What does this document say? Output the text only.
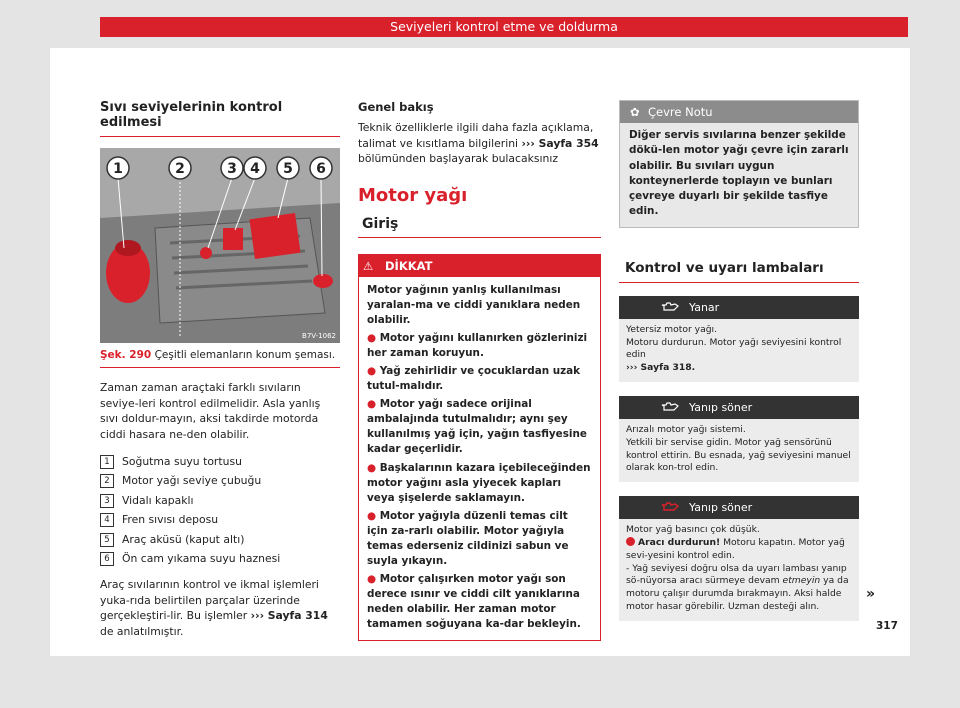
Seviyeleri kontrol etme ve doldurma
Sıvı seviyelerinin kontrol edilmesi
1	2	3 4 5 6
B7V-1062
Şek. 290 Çeşitli elemanların konum şeması.

Zaman zaman araçtaki farklı sıvıların seviye-leri kontrol edilmelidir. Asla yanlış sıvı doldur-mayın, aksi takdirde motorda ciddi hasara ne-den olabilir.

1	Soğutma suyu tortusu
2	Motor yağı seviye çubuğu
3	Vidalı kapaklı
4	Fren sıvısı deposu
5	Araç aküsü (kaput altı)
6	Ön cam yıkama suyu haznesi

Araç sıvılarının kontrol ve ikmal işlemleri yuka-rıda belirtilen parçalar üzerinde gerçekleştiri-lir. Bu işlemler ››› Sayfa 314 de anlatılmıştır.

Genel bakış

Teknik özelliklerle ilgili daha fazla açıklama, talimat ve kısıtlama bilgilerini ››› Sayfa 354 bölümünden başlayarak bulacaksınız

Motor yağı
Giriş
⚠ DİKKAT
Motor yağının yanlış kullanılması yaralan-ma ve ciddi yanıklara neden olabilir.
● Motor yağını kullanırken gözlerinizi her zaman koruyun.
● Yağ zehirlidir ve çocuklardan uzak tutul-malıdır.
● Motor yağı sadece orijinal ambalajında tutulmalıdır; aynı şey kullanılmış yağ için, yağın tasfiyesine kadar geçerlidir.
● Başkalarının kazara içebileceğinden motor yağını asla yiyecek kapları veya şişelerde saklamayın.
● Motor yağıyla düzenli temas cilt için za-rarlı olabilir. Motor yağıyla temas ederseniz cildinizi sabun ve suyla yıkayın.
● Motor çalışırken motor yağı son derece ısınır ve ciddi cilt yanıklarına neden olabilir. Her zaman motor tamamen soğuyana ka-dar bekleyin.
✿ Çevre Notu
Diğer servis sıvılarına benzer şekilde dökü-len motor yağı çevre için zararlı olabilir. Bu sıvıları uygun konteynerlerde toplayın ve bunları çevreye duyarlı bir şekilde tasfiye edin.
Kontrol ve uyarı lambaları
Yanar
Yetersiz motor yağı.
Motoru durdurun. Motor yağı seviyesini kontrol edin
››› Sayfa 318.
Yanıp söner
Arızalı motor yağı sistemi.
Yetkili bir servise gidin. Motor yağ sensörünü kontrol ettirin. Bu esnada, yağ seviyesini manuel olarak kon-trol edin.
Yanıp söner
Motor yağ basıncı çok düşük.
Aracı durdurun! Motoru kapatın. Motor yağ sevi-yesini kontrol edin.
- Yağ seviyesi doğru olsa da uyarı lambası yanıp sö-nüyorsa aracı sürmeye devam etmeyin ya da motoru çalışır durumda bırakmayın. Aksi halde motor hasar görebilir. Uzman desteği alın.
»
317
